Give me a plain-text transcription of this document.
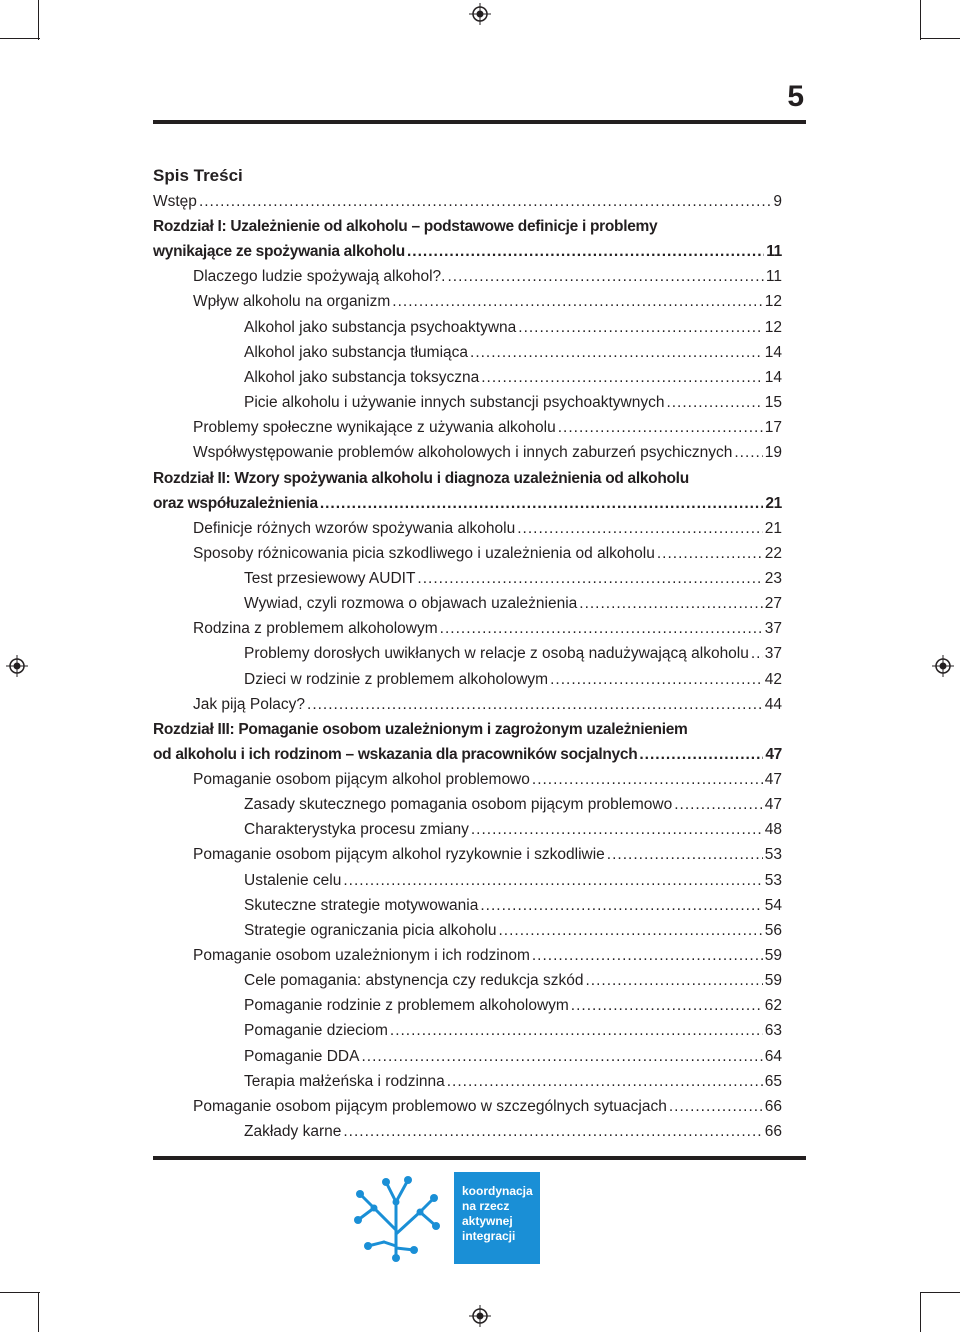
5
Spis Treści
Wstęp .....	9
Rozdział I: Uzależnienie od alkoholu – podstawowe definicje i problemy
wynikające ze spożywania alkoholu .....	11
Dlaczego ludzie spożywają alkohol?. .....	11
Wpływ alkoholu na organizm .....	12
Alkohol jako substancja psychoaktywna .....	12
Alkohol jako substancja tłumiąca .....	14
Alkohol jako substancja toksyczna .....	14
Picie alkoholu i używanie innych substancji psychoaktywnych .....	15
Problemy społeczne wynikające z używania alkoholu .....	17
Współwystępowanie problemów alkoholowych i innych zaburzeń psychicznych ..... 19
Rozdział II: Wzory spożywania alkoholu i diagnoza uzależnienia od alkoholu
oraz współuzależnienia .....	21
Definicje różnych wzorów spożywania alkoholu .....	21
Sposoby różnicowania picia szkodliwego i uzależnienia od alkoholu .....	22
Test przesiewowy AUDIT .....	23
Wywiad, czyli rozmowa o objawach uzależnienia .....	27
Rodzina z problemem alkoholowym .....	37
Problemy dorosłych uwikłanych w relacje z osobą nadużywającą alkoholu ..... 37
Dzieci w rodzinie z problemem alkoholowym .....	42
Jak piją Polacy? .....	44
Rozdział III: Pomaganie osobom uzależnionym i zagrożonym uzależnieniem
od alkoholu i ich rodzinom – wskazania dla pracowników socjalnych .....	47
Pomaganie osobom pijącym alkohol problemowo .....	47
Zasady skutecznego pomagania osobom pijącym problemowo .....	47
Charakterystyka procesu zmiany .....	48
Pomaganie osobom pijącym alkohol ryzykownie i szkodliwie .....	53
Ustalenie celu .....	53
Skuteczne strategie motywowania .....	54
Strategie ograniczania picia alkoholu .....	56
Pomaganie osobom uzależnionym i ich rodzinom .....	59
Cele pomagania: abstynencja czy redukcja szkód .....	59
Pomaganie rodzinie z problemem alkoholowym .....	62
Pomaganie dzieciom .....	63
Pomaganie DDA .....	64
Terapia małżeńska i rodzinna .....	65
Pomaganie osobom pijącym problemowo w szczególnych sytuacjach .....	66
Zakłady karne .....	66
koordynacja
na rzecz
aktywnej
integracji
